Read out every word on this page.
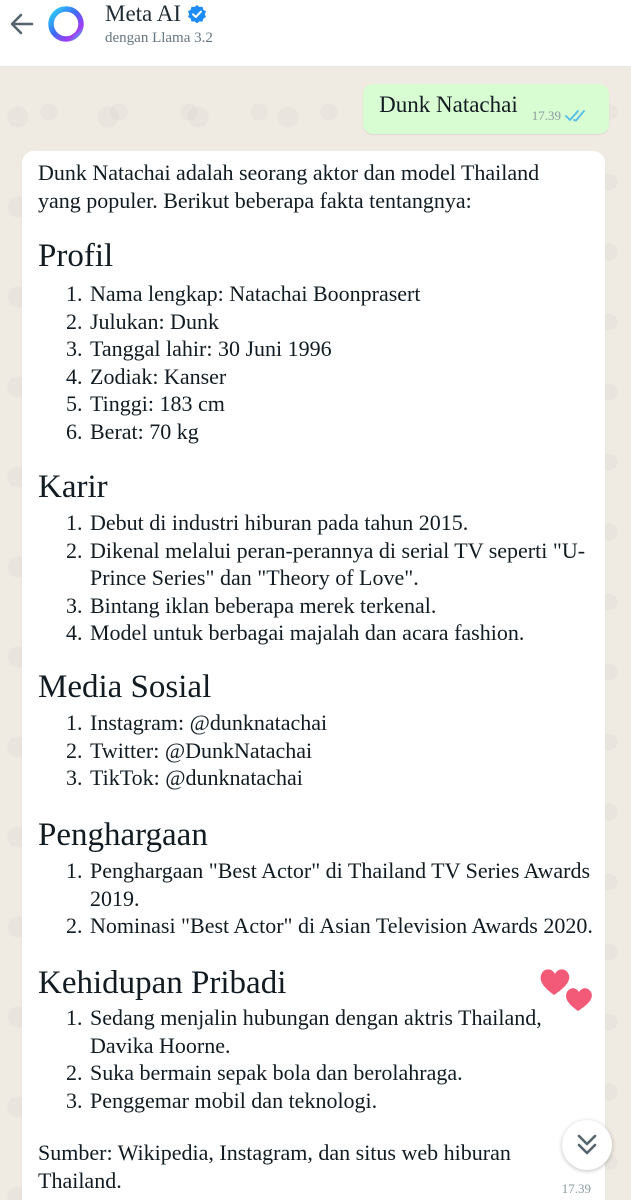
Meta AI
dengan Llama 3.2
Dunk Natachai 17.39
Dunk Natachai adalah seorang aktor dan model Thailand yang populer. Berikut beberapa fakta tentangnya:
Profil
1. Nama lengkap: Natachai Boonprasert
2. Julukan: Dunk
3. Tanggal lahir: 30 Juni 1996
4. Zodiak: Kanser
5. Tinggi: 183 cm
6. Berat: 70 kg
Karir
1. Debut di industri hiburan pada tahun 2015.
2. Dikenal melalui peran-perannya di serial TV seperti "U-Prince Series" dan "Theory of Love".
3. Bintang iklan beberapa merek terkenal.
4. Model untuk berbagai majalah dan acara fashion.
Media Sosial
1. Instagram: @dunknatachai
2. Twitter: @DunkNatachai
3. TikTok: @dunknatachai
Penghargaan
1. Penghargaan "Best Actor" di Thailand TV Series Awards 2019.
2. Nominasi "Best Actor" di Asian Television Awards 2020.
Kehidupan Pribadi
1. Sedang menjalin hubungan dengan aktris Thailand, Davika Hoorne.
2. Suka bermain sepak bola dan berolahraga.
3. Penggemar mobil dan teknologi.
Sumber: Wikipedia, Instagram, dan situs web hiburan Thailand.	17.39
